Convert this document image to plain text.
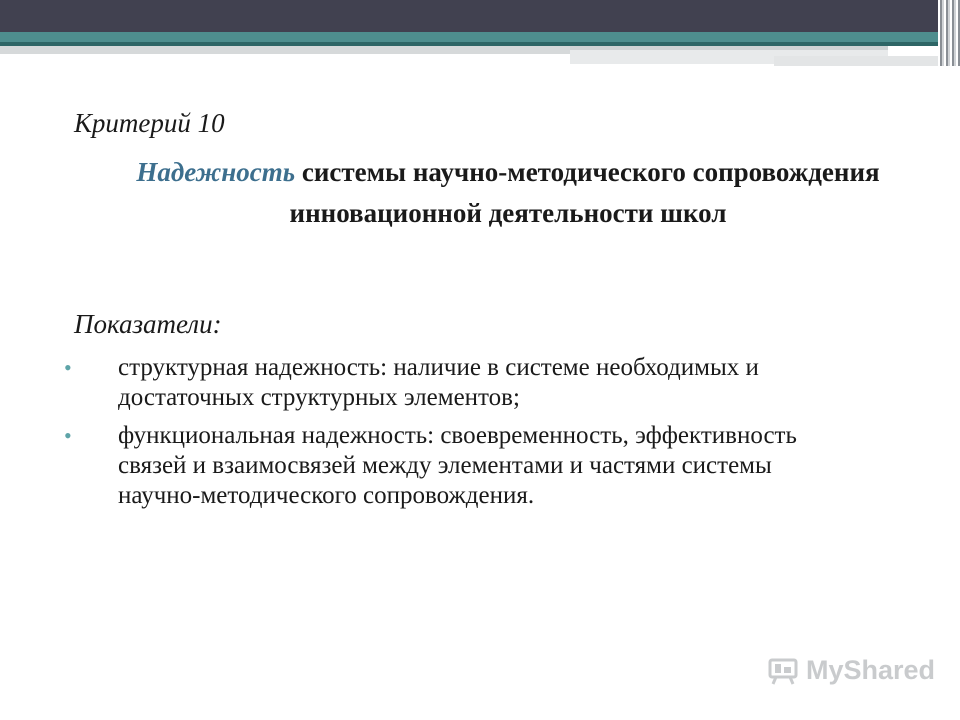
Критерий 10
Надежность системы научно-методического сопровождения инновационной деятельности школ
Показатели:
• структурная надежность: наличие в системе необходимых и достаточных структурных элементов;
• функциональная надежность: своевременность, эффективность связей и взаимосвязей между элементами и частями системы научно-методического сопровождения.
MyShared
